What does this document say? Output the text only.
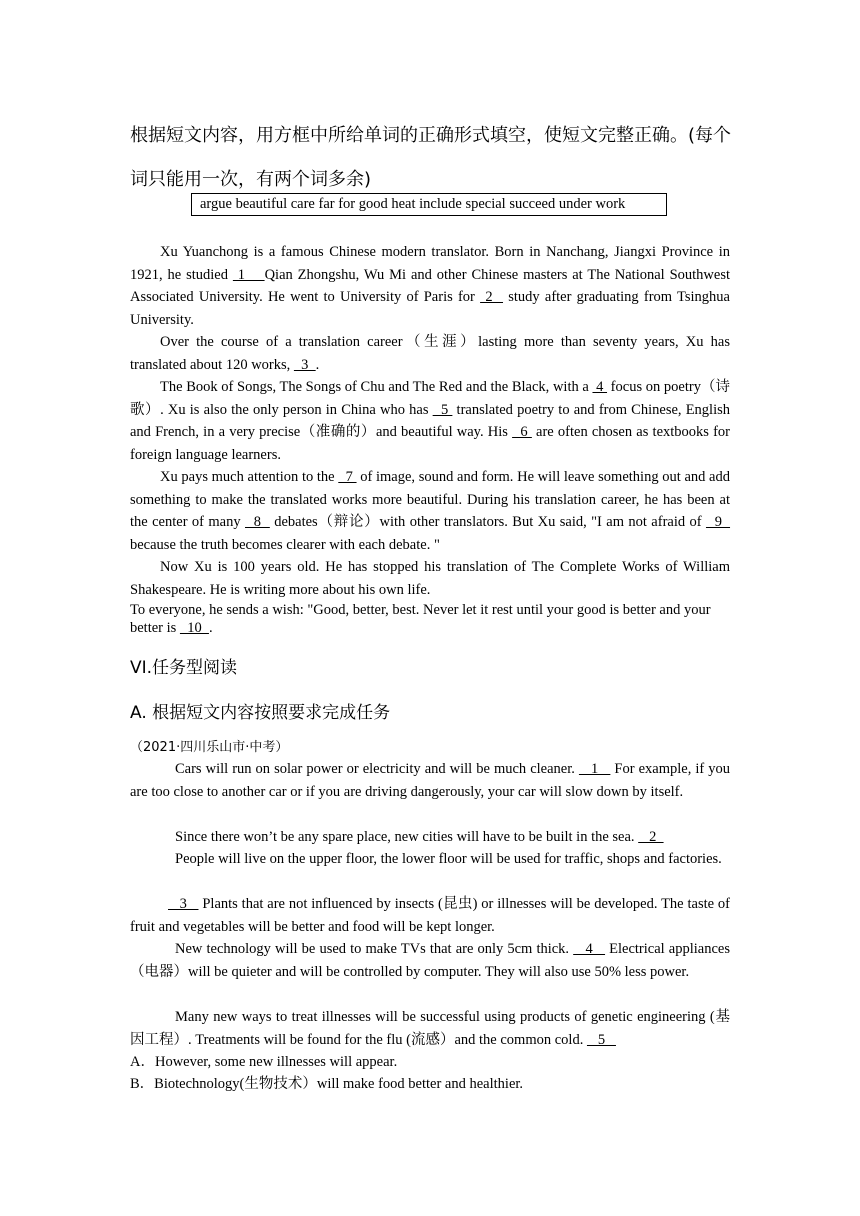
根据短文内容，用方框中所给单词的正确形式填空，使短文完整正确。(每个词只能用一次，有两个词多余)
argue beautiful care far for good heat include special succeed under work

Xu Yuanchong is a famous Chinese modern translator. Born in Nanchang, Jiangxi Province in 1921, he studied  1    Qian Zhongshu, Wu Mi and other Chinese masters at The National Southwest Associated University. He went to University of Paris for  2   study after graduating from Tsinghua University.

Over the course of a translation career（生涯）lasting more than seventy years, Xu has translated about 120 works,   3  .

The Book of Songs, The Songs of Chu and The Red and the Black, with a  4  focus on poetry（诗歌）. Xu is also the only person in China who has   5  translated poetry to and from Chinese, English and French, in a very precise（准确的）and beautiful way. His   6  are often chosen as textbooks for foreign language learners.

Xu pays much attention to the   7  of image, sound and form. He will leave something out and add something to make the translated works more beautiful. During his translation career, he has been at the center of many   8   debates（辩论）with other translators. But Xu said, "I am not afraid of   9   because the truth becomes clearer with each debate. "

Now Xu is 100 years old. He has stopped his translation of The Complete Works of William Shakespeare. He is writing more about his own life.

To everyone, he sends a wish: "Good, better, best. Never let it rest until your good is better and your better is   10  .

VI.任务型阅读
A. 根据短文内容按照要求完成任务
（2021·四川乐山市·中考）

Cars will run on solar power or electricity and will be much cleaner.    1    For example, if you are too close to another car or if you are driving dangerously, your car will slow down by itself.

Since there won’t be any spare place, new cities will have to be built in the sea.    2

People will live on the upper floor, the lower floor will be used for traffic, shops and factories.

3    Plants that are not influenced by insects (昆虫) or illnesses will be developed. The taste of fruit and vegetables will be better and food will be kept longer.

New technology will be used to make TVs that are only 5cm thick.    4    Electrical appliances（电器）will be quieter and will be controlled by computer. They will also use 50% less power.

Many new ways to treat illnesses will be successful using products of genetic engineering (基因工程）. Treatments will be found for the flu (流感）and the common cold.    5

A．However, some new illnesses will appear.
B．Biotechnology(生物技术）will make food better and healthier.
